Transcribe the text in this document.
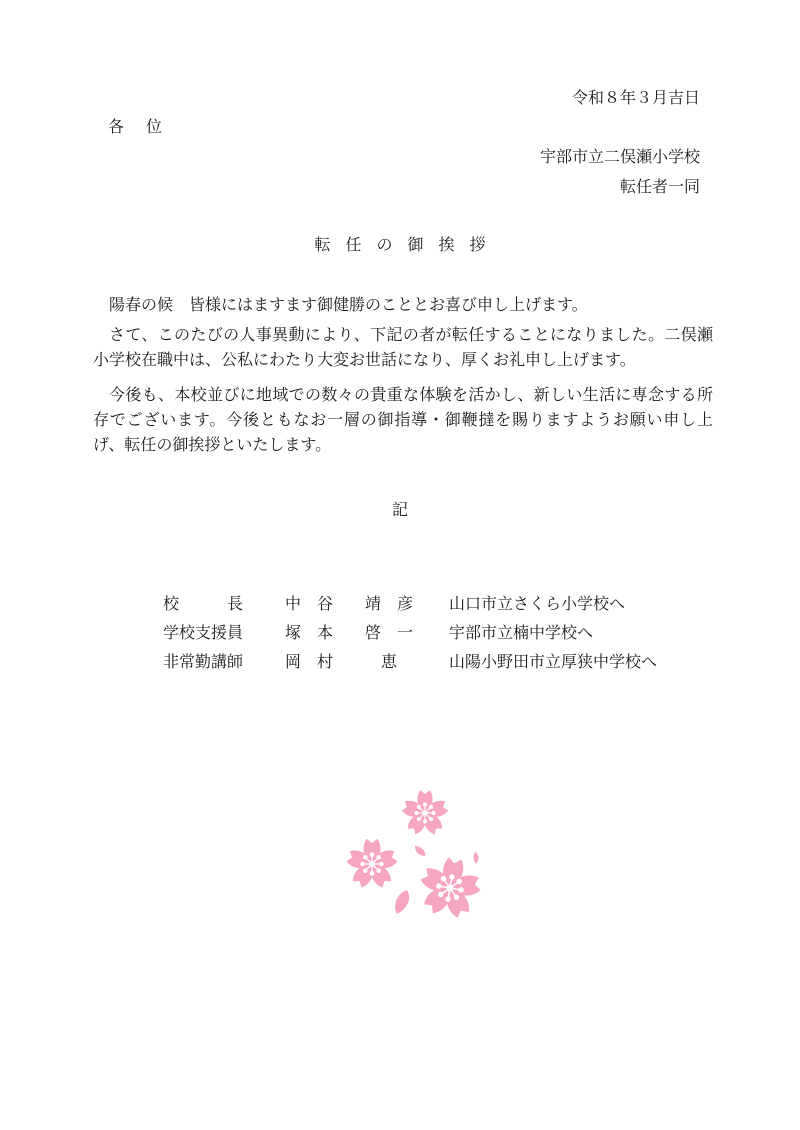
令和８年３月吉日
各位
宇部市立二俣瀬小学校
転任者一同
転任の御挨拶

陽春の候　皆様にはますます御健勝のこととお喜び申し上げます。

さて、このたびの人事異動により、下記の者が転任することになりました。二俣瀬小学校在職中は、公私にわたり大変お世話になり、厚くお礼申し上げます。

今後も、本校並びに地域での数々の貴重な体験を活かし、新しい生活に専念する所存でございます。今後ともなお一層の御指導・御鞭撻を賜りますようお願い申し上げ、転任の御挨拶といたします。

記
校　　　長	中　谷　　靖　彦	山口市立さくら小学校へ
学校支援員	塚　本　　啓　一	宇部市立楠中学校へ
非常勤講師	岡　村　　　恵	山陽小野田市立厚狭中学校へ
